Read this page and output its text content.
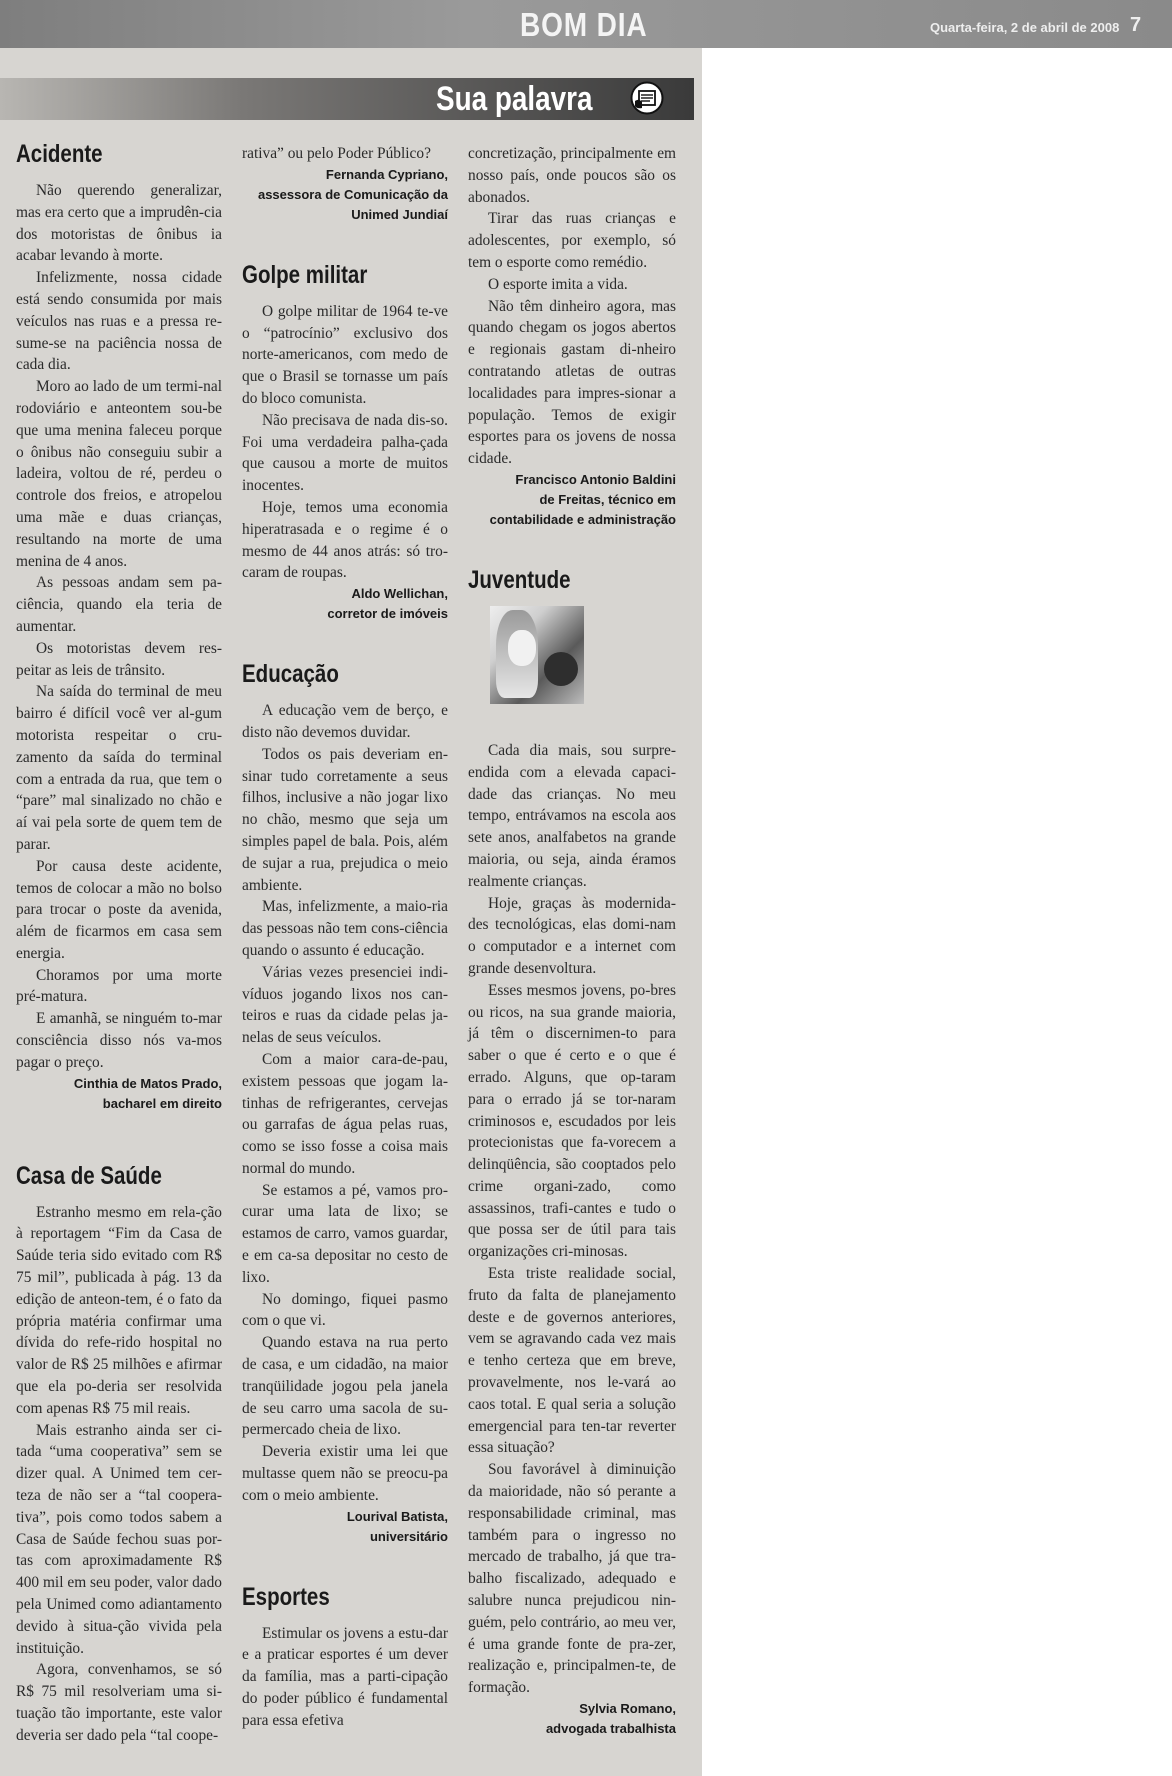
BOM DIA	Quarta-feira, 2 de abril de 2008 7
Sua palavra
Acidente

Não querendo generalizar, mas era certo que a imprudên-cia dos motoristas de ônibus ia acabar levando à morte.

Infelizmente, nossa cidade está sendo consumida por mais veículos nas ruas e a pressa re-sume-se na paciência nossa de cada dia.

Moro ao lado de um termi-nal rodoviário e anteontem sou-be que uma menina faleceu porque o ônibus não conseguiu subir a ladeira, voltou de ré, perdeu o controle dos freios, e atropelou uma mãe e duas crianças, resultando na morte de uma menina de 4 anos.

As pessoas andam sem pa-ciência, quando ela teria de aumentar.

Os motoristas devem res-peitar as leis de trânsito.

Na saída do terminal de meu bairro é difícil você ver al-gum motorista respeitar o cru-zamento da saída do terminal com a entrada da rua, que tem o “pare” mal sinalizado no chão e aí vai pela sorte de quem tem de parar.

Por causa deste acidente, temos de colocar a mão no bolso para trocar o poste da avenida, além de ficarmos em casa sem energia.

Choramos por uma morte pré-matura.

E amanhã, se ninguém to-mar consciência disso nós va-mos pagar o preço.

Cinthia de Matos Prado,
bacharel em direito
Casa de Saúde

Estranho mesmo em rela-ção à reportagem “Fim da Casa de Saúde teria sido evitado com R$ 75 mil”, publicada à pág. 13 da edição de anteon-tem, é o fato da própria matéria confirmar uma dívida do refe-rido hospital no valor de R$ 25 milhões e afirmar que ela po-deria ser resolvida com apenas R$ 75 mil reais.

Mais estranho ainda ser ci-tada “uma cooperativa” sem se dizer qual. A Unimed tem cer-teza de não ser a “tal coopera-tiva”, pois como todos sabem a Casa de Saúde fechou suas por-tas com aproximadamente R$ 400 mil em seu poder, valor dado pela Unimed como adiantamento devido à situa-ção vivida pela instituição.

Agora, convenhamos, se só R$ 75 mil resolveriam uma si-tuação tão importante, este valor deveria ser dado pela “tal coope-

rativa” ou pelo Poder Público?

Fernanda Cypriano,
assessora de Comunicação da
Unimed Jundiaí
Golpe militar

O golpe militar de 1964 te-ve o “patrocínio” exclusivo dos norte-americanos, com medo de que o Brasil se tornasse um país do bloco comunista.

Não precisava de nada dis-so. Foi uma verdadeira palha-çada que causou a morte de muitos inocentes.

Hoje, temos uma economia hiperatrasada e o regime é o mesmo de 44 anos atrás: só tro-caram de roupas.

Aldo Wellichan,
corretor de imóveis
Educação

A educação vem de berço, e disto não devemos duvidar.

Todos os pais deveriam en-sinar tudo corretamente a seus filhos, inclusive a não jogar lixo no chão, mesmo que seja um simples papel de bala. Pois, além de sujar a rua, prejudica o meio ambiente.

Mas, infelizmente, a maio-ria das pessoas não tem cons-ciência quando o assunto é educação.

Várias vezes presenciei indi-víduos jogando lixos nos can-teiros e ruas da cidade pelas ja-nelas de seus veículos.

Com a maior cara-de-pau, existem pessoas que jogam la-tinhas de refrigerantes, cervejas ou garrafas de água pelas ruas, como se isso fosse a coisa mais normal do mundo.

Se estamos a pé, vamos pro-curar uma lata de lixo; se estamos de carro, vamos guardar, e em ca-sa depositar no cesto de lixo.

No domingo, fiquei pasmo com o que vi.

Quando estava na rua perto de casa, e um cidadão, na maior tranqüilidade jogou pela janela de seu carro uma sacola de su-permercado cheia de lixo.

Deveria existir uma lei que multasse quem não se preocu-pa com o meio ambiente.

Lourival Batista,
universitário
Esportes

Estimular os jovens a estu-dar e a praticar esportes é um dever da família, mas a parti-cipação do poder público é fundamental para essa efetiva

concretização, principalmente em nosso país, onde poucos são os abonados.

Tirar das ruas crianças e adolescentes, por exemplo, só tem o esporte como remédio.

O esporte imita a vida.

Não têm dinheiro agora, mas quando chegam os jogos abertos e regionais gastam di-nheiro contratando atletas de outras localidades para impres-sionar a população. Temos de exigir esportes para os jovens de nossa cidade.

Francisco Antonio Baldini
de Freitas, técnico em
contabilidade e administração
Juventude

Cada dia mais, sou surpre-endida com a elevada capaci-dade das crianças. No meu tempo, entrávamos na escola aos sete anos, analfabetos na grande maioria, ou seja, ainda éramos realmente crianças.

Hoje, graças às modernida-des tecnológicas, elas domi-nam o computador e a internet com grande desenvoltura.

Esses mesmos jovens, po-bres ou ricos, na sua grande maioria, já têm o discernimen-to para saber o que é certo e o que é errado. Alguns, que op-taram para o errado já se tor-naram criminosos e, escudados por leis protecionistas que fa-vorecem a delinqüência, são cooptados pelo crime organi-zado, como assassinos, trafi-cantes e tudo o que possa ser de útil para tais organizações cri-minosas.

Esta triste realidade social, fruto da falta de planejamento deste e de governos anteriores, vem se agravando cada vez mais e tenho certeza que em breve, provavelmente, nos le-vará ao caos total. E qual seria a solução emergencial para ten-tar reverter essa situação?

Sou favorável à diminuição da maioridade, não só perante a responsabilidade criminal, mas também para o ingresso no mercado de trabalho, já que tra-balho fiscalizado, adequado e salubre nunca prejudicou nin-guém, pelo contrário, ao meu ver, é uma grande fonte de pra-zer, realização e, principalmen-te, de formação.

Sylvia Romano,
advogada trabalhista
